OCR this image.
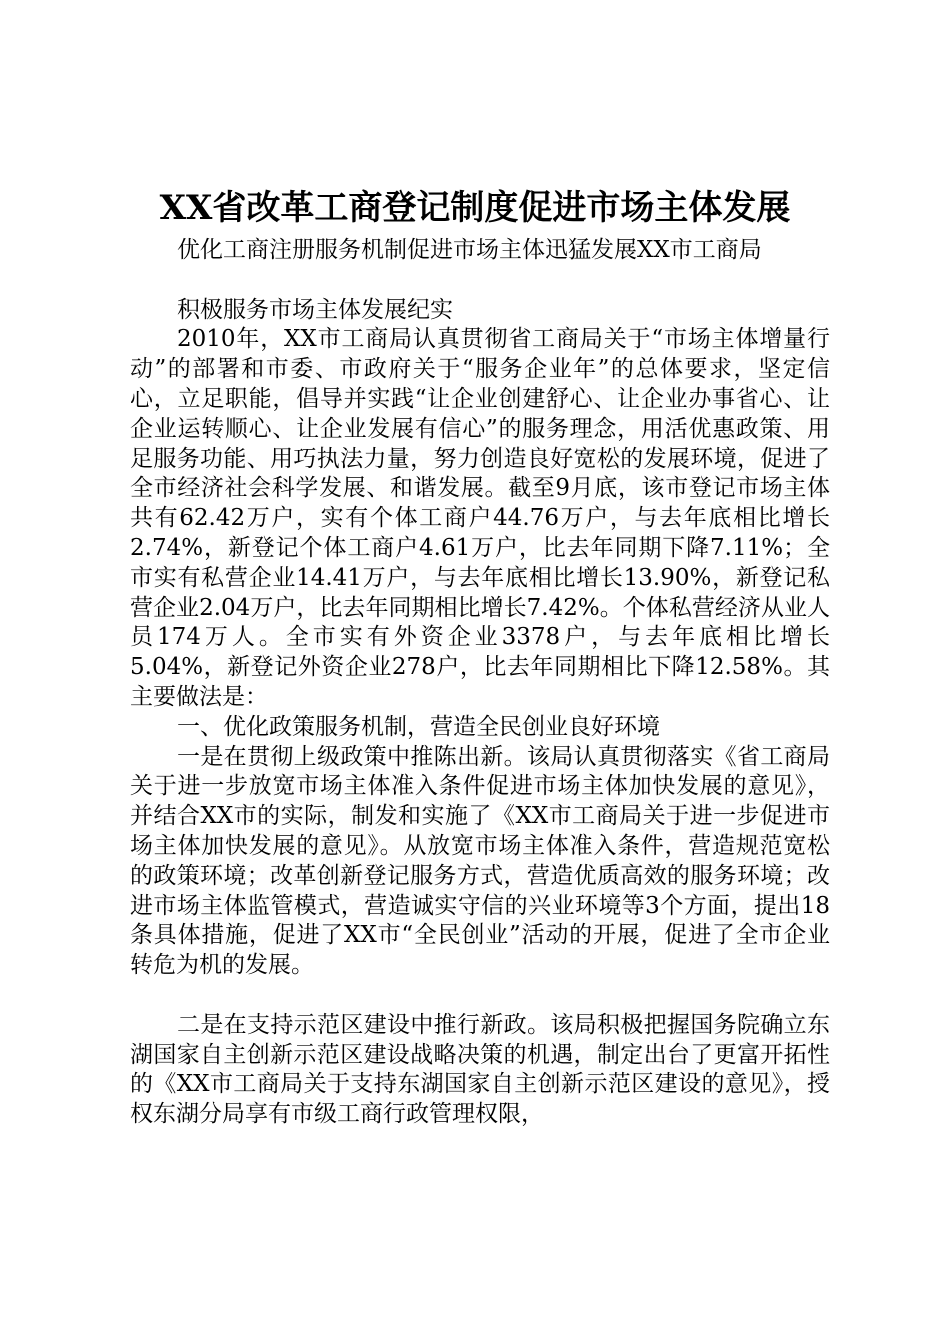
XX省改革工商登记制度促进市场主体发展

优化工商注册服务机制促进市场主体迅猛发展XX市工商局

积极服务市场主体发展纪实

2010年，XX市工商局认真贯彻省工商局关于“市场主体增量行动”的部署和市委、市政府关于“服务企业年”的总体要求，坚定信心，立足职能，倡导并实践“让企业创建舒心、让企业办事省心、让企业运转顺心、让企业发展有信心”的服务理念，用活优惠政策、用足服务功能、用巧执法力量，努力创造良好宽松的发展环境，促进了全市经济社会科学发展、和谐发展。截至9月底，该市登记市场主体共有62.42万户，实有个体工商户44.76万户，与去年底相比增长2.74%，新登记个体工商户4.61万户，比去年同期下降7.11%；全市实有私营企业14.41万户，与去年底相比增长13.90%，新登记私营企业2.04万户，比去年同期相比增长7.42%。个体私营经济从业人员174万人。全市实有外资企业3378户，与去年底相比增长5.04%，新登记外资企业278户，比去年同期相比下降12.58%。其主要做法是：

一、优化政策服务机制，营造全民创业良好环境

一是在贯彻上级政策中推陈出新。该局认真贯彻落实《省工商局关于进一步放宽市场主体准入条件促进市场主体加快发展的意见》，并结合XX市的实际，制发和实施了《XX市工商局关于进一步促进市场主体加快发展的意见》。从放宽市场主体准入条件，营造规范宽松的政策环境；改革创新登记服务方式，营造优质高效的服务环境；改进市场主体监管模式，营造诚实守信的兴业环境等3个方面，提出18条具体措施，促进了XX市“全民创业”活动的开展，促进了全市企业转危为机的发展。

二是在支持示范区建设中推行新政。该局积极把握国务院确立东湖国家自主创新示范区建设战略决策的机遇，制定出台了更富开拓性的《XX市工商局关于支持东湖国家自主创新示范区建设的意见》，授权东湖分局享有市级工商行政管理权限，
